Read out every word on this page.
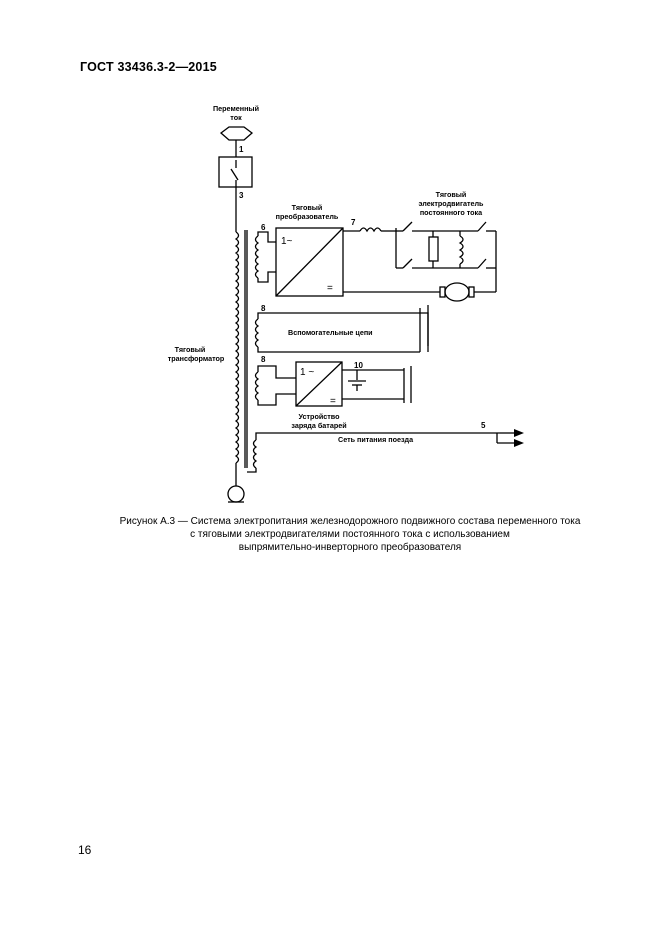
ГОСТ 33436.3-2—2015
Переменный
ток
1
3
Тяговый
преобразователь
Тяговый
электродвигатель
постоянного тока
6
7
1~
=
8
Вспомогательные цепи
Тяговый
трансформатор	8
10
1 ~
=
Устройство
заряда батарей
Сеть питания поезда
5
Рисунок А.3 — Система электропитания железнодорожного подвижного состава переменного тока
с тяговыми электродвигателями постоянного тока с использованием
выпрямительно-инверторного преобразователя
16
